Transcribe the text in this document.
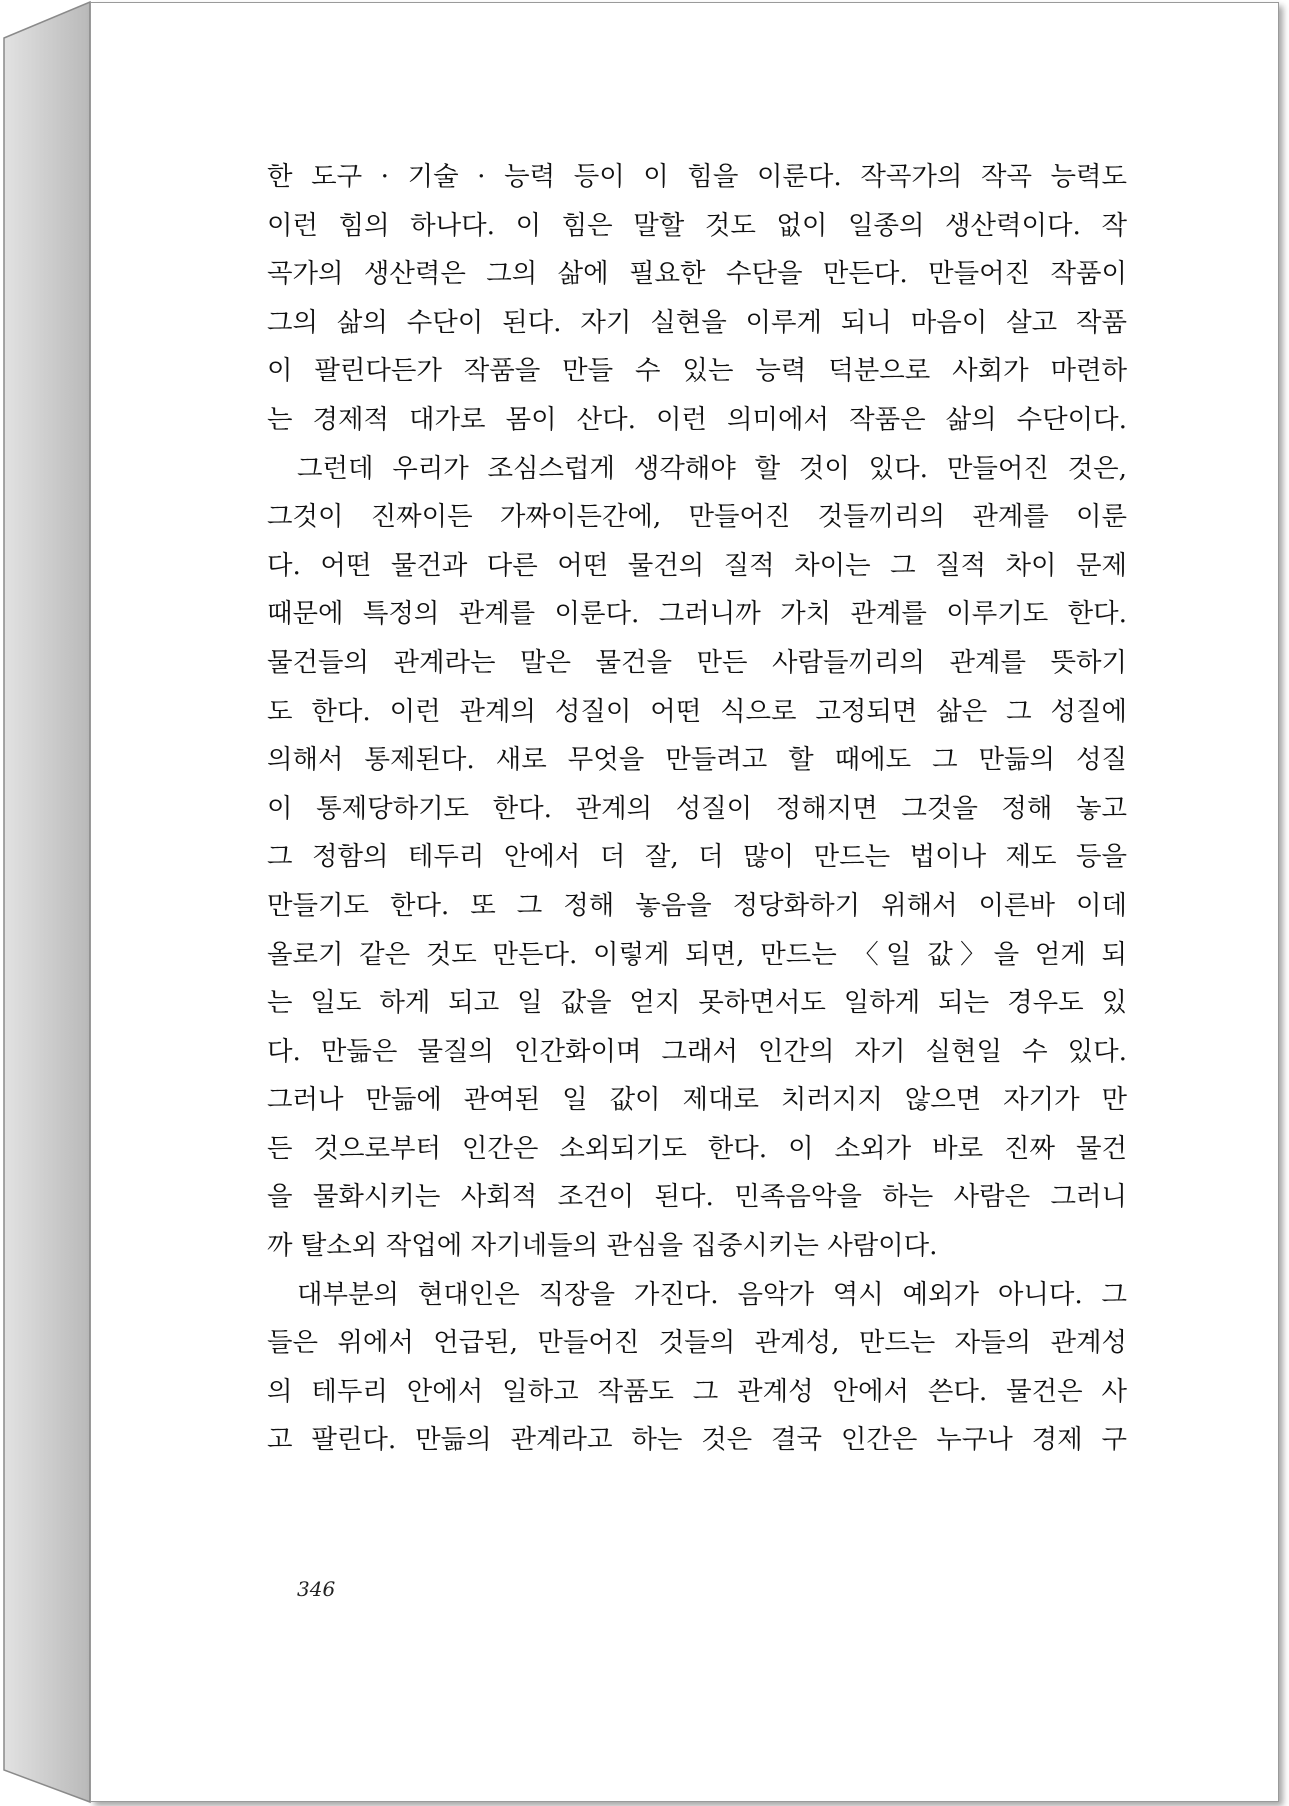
한 도구 · 기술 · 능력 등이 이 힘을 이룬다. 작곡가의 작곡 능력도
이런 힘의 하나다. 이 힘은 말할 것도 없이 일종의 생산력이다. 작
곡가의 생산력은 그의 삶에 필요한 수단을 만든다. 만들어진 작품이
그의 삶의 수단이 된다. 자기 실현을 이루게 되니 마음이 살고 작품
이 팔린다든가 작품을 만들 수 있는 능력 덕분으로 사회가 마련하
는 경제적 대가로 몸이 산다. 이런 의미에서 작품은 삶의 수단이다.
그런데 우리가 조심스럽게 생각해야 할 것이 있다. 만들어진 것은,
그것이 진짜이든 가짜이든간에, 만들어진 것들끼리의 관계를 이룬
다. 어떤 물건과 다른 어떤 물건의 질적 차이는 그 질적 차이 문제
때문에 특정의 관계를 이룬다. 그러니까 가치 관계를 이루기도 한다.
물건들의 관계라는 말은 물건을 만든 사람들끼리의 관계를 뜻하기
도 한다. 이런 관계의 성질이 어떤 식으로 고정되면 삶은 그 성질에
의해서 통제된다. 새로 무엇을 만들려고 할 때에도 그 만듦의 성질
이 통제당하기도 한다. 관계의 성질이 정해지면 그것을 정해 놓고
그 정함의 테두리 안에서 더 잘, 더 많이 만드는 법이나 제도 등을
만들기도 한다. 또 그 정해 놓음을 정당화하기 위해서 이른바 이데
올로기 같은 것도 만든다. 이렇게 되면, 만드는 〈일 값〉을 얻게 되
는 일도 하게 되고 일 값을 얻지 못하면서도 일하게 되는 경우도 있
다. 만듦은 물질의 인간화이며 그래서 인간의 자기 실현일 수 있다.
그러나 만듦에 관여된 일 값이 제대로 치러지지 않으면 자기가 만
든 것으로부터 인간은 소외되기도 한다. 이 소외가 바로 진짜 물건
을 물화시키는 사회적 조건이 된다. 민족음악을 하는 사람은 그러니
까 탈소외 작업에 자기네들의 관심을 집중시키는 사람이다.
대부분의 현대인은 직장을 가진다. 음악가 역시 예외가 아니다. 그
들은 위에서 언급된, 만들어진 것들의 관계성, 만드는 자들의 관계성
의 테두리 안에서 일하고 작품도 그 관계성 안에서 쓴다. 물건은 사
고 팔린다. 만듦의 관계라고 하는 것은 결국 인간은 누구나 경제 구
346
